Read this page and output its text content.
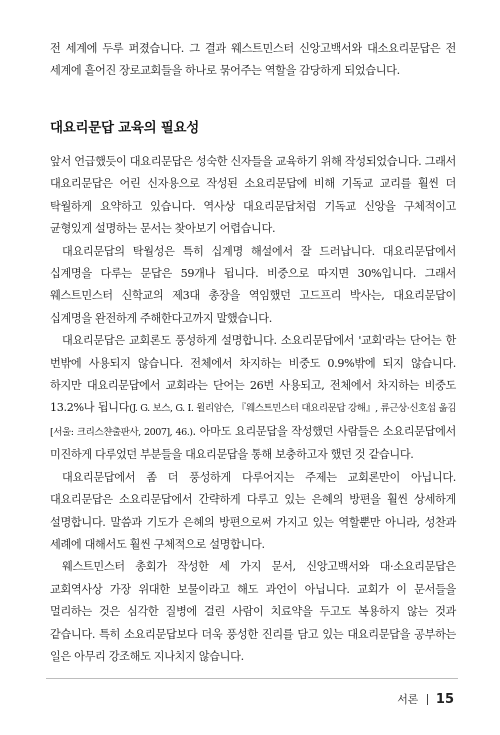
전 세계에 두루 퍼졌습니다. 그 결과 웨스트민스터 신앙고백서와 대소요리문답은 전 세계에 흩어진 장로교회들을 하나로 묶어주는 역할을 감당하게 되었습니다.
대요리문답 교육의 필요성

앞서 언급했듯이 대요리문답은 성숙한 신자들을 교육하기 위해 작성되었습니다. 그래서 대요리문답은 어린 신자용으로 작성된 소요리문답에 비해 기독교 교리를 훨씬 더 탁월하게 요약하고 있습니다. 역사상 대요리문답처럼 기독교 신앙을 구체적이고 균형있게 설명하는 문서는 찾아보기 어렵습니다.

대요리문답의 탁월성은 특히 십계명 해설에서 잘 드러납니다. 대요리문답에서 십계명을 다루는 문답은 59개나 됩니다. 비중으로 따지면 30%입니다. 그래서 웨스트민스터 신학교의 제3대 총장을 역임했던 고드프리 박사는, 대요리문답이 십계명을 완전하게 주해한다고까지 말했습니다.

대요리문답은 교회론도 풍성하게 설명합니다. 소요리문답에서 '교회'라는 단어는 한 번밖에 사용되지 않습니다. 전체에서 차지하는 비중도 0.9%밖에 되지 않습니다. 하지만 대요리문답에서 교회라는 단어는 26번 사용되고, 전체에서 차지하는 비중도 13.2%나 됩니다(J. G. 보스, G. I. 윌리암슨, 『웨스트민스터 대요리문답 강해』, 류근상·신호섭 옮김[서울: 크리스챤출판사, 2007], 46.). 아마도 요리문답을 작성했던 사람들은 소요리문답에서 미진하게 다루었던 부분들을 대요리문답을 통해 보충하고자 했던 것 같습니다.

대요리문답에서 좀 더 풍성하게 다루어지는 주제는 교회론만이 아닙니다. 대요리문답은 소요리문답에서 간략하게 다루고 있는 은혜의 방편을 훨씬 상세하게 설명합니다. 말씀과 기도가 은혜의 방편으로써 가지고 있는 역할뿐만 아니라, 성찬과 세례에 대해서도 훨씬 구체적으로 설명합니다.

웨스트민스터 총회가 작성한 세 가지 문서, 신앙고백서와 대·소요리문답은 교회역사상 가장 위대한 보물이라고 해도 과언이 아닙니다. 교회가 이 문서들을 멀리하는 것은 심각한 질병에 걸린 사람이 치료약을 두고도 복용하지 않는 것과 같습니다. 특히 소요리문답보다 더욱 풍성한 진리를 담고 있는 대요리문답을 공부하는 일은 아무리 강조해도 지나치지 않습니다.

서론 15
